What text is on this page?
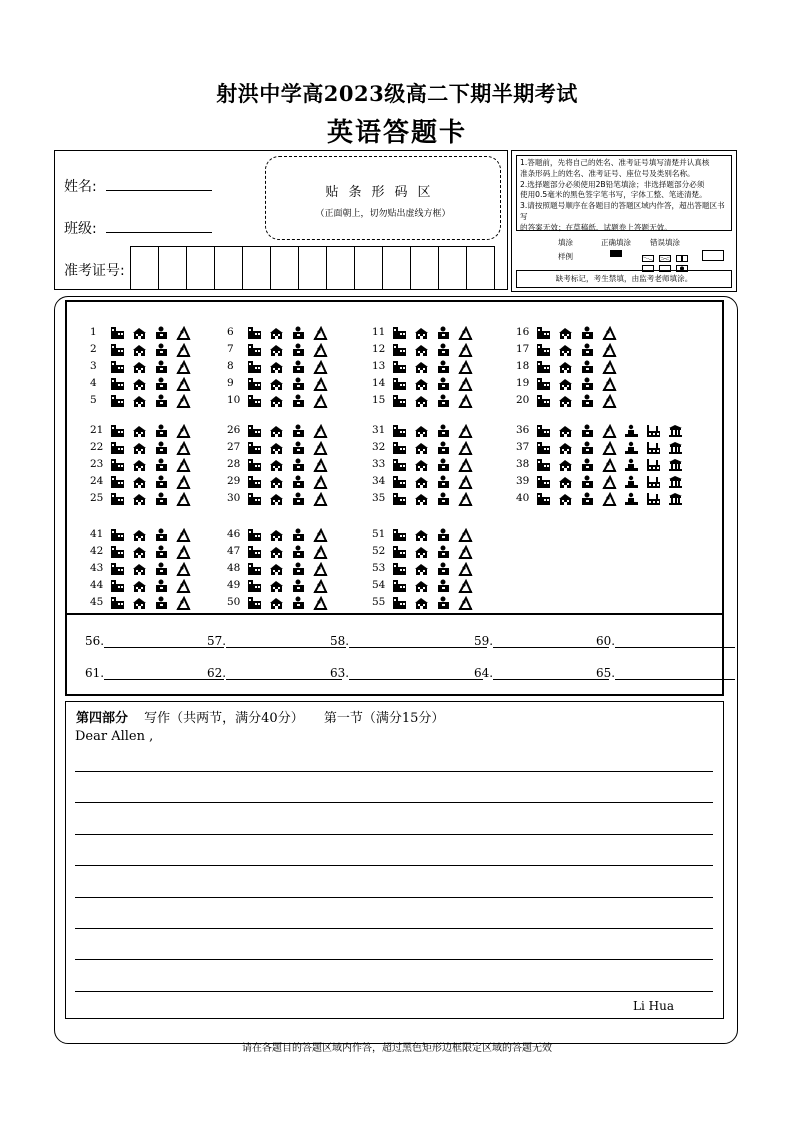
射洪中学高2023级高二下期半期考试
英语答题卡
姓名:
班级:
准考证号:
贴条形码区
（正面朝上，切勿贴出虚线方框）
1.答题前，先将自己的姓名、准考证号填写清楚并认真核
准条形码上的姓名、准考证号、座位号及类别名称。
2.选择题部分必须使用2B铅笔填涂；非选择题部分必须
使用0.5毫米的黑色签字笔书写，字体工整、笔迹清楚。
3.请按照题号顺序在各题目的答题区域内作答，超出答题区书写
的答案无效；在草稿纸、试题卷上答题无效。
填涂
样例
正确填涂	错误填涂

缺考标记，考生禁填，由监考老师填涂。
1
2
3
4
5
6
7
8
9
10
11
12
13
14
15
16
17
18
19
20
21
22
23
24
25
26
27
28
29
30
31
32
33
34
35
36
37
38
39
40
41
42
43
44
45
46
47
48
49
50
51
52
53
54
55
56.	57.	58.	59.	60.
61.	62.	63.	64.	65.
第四部分 写作（共两节，满分40分） 第一节（满分15分）
Dear Allen ,
Li Hua
请在各题目的答题区域内作答，超过黑色矩形边框限定区域的答题无效
